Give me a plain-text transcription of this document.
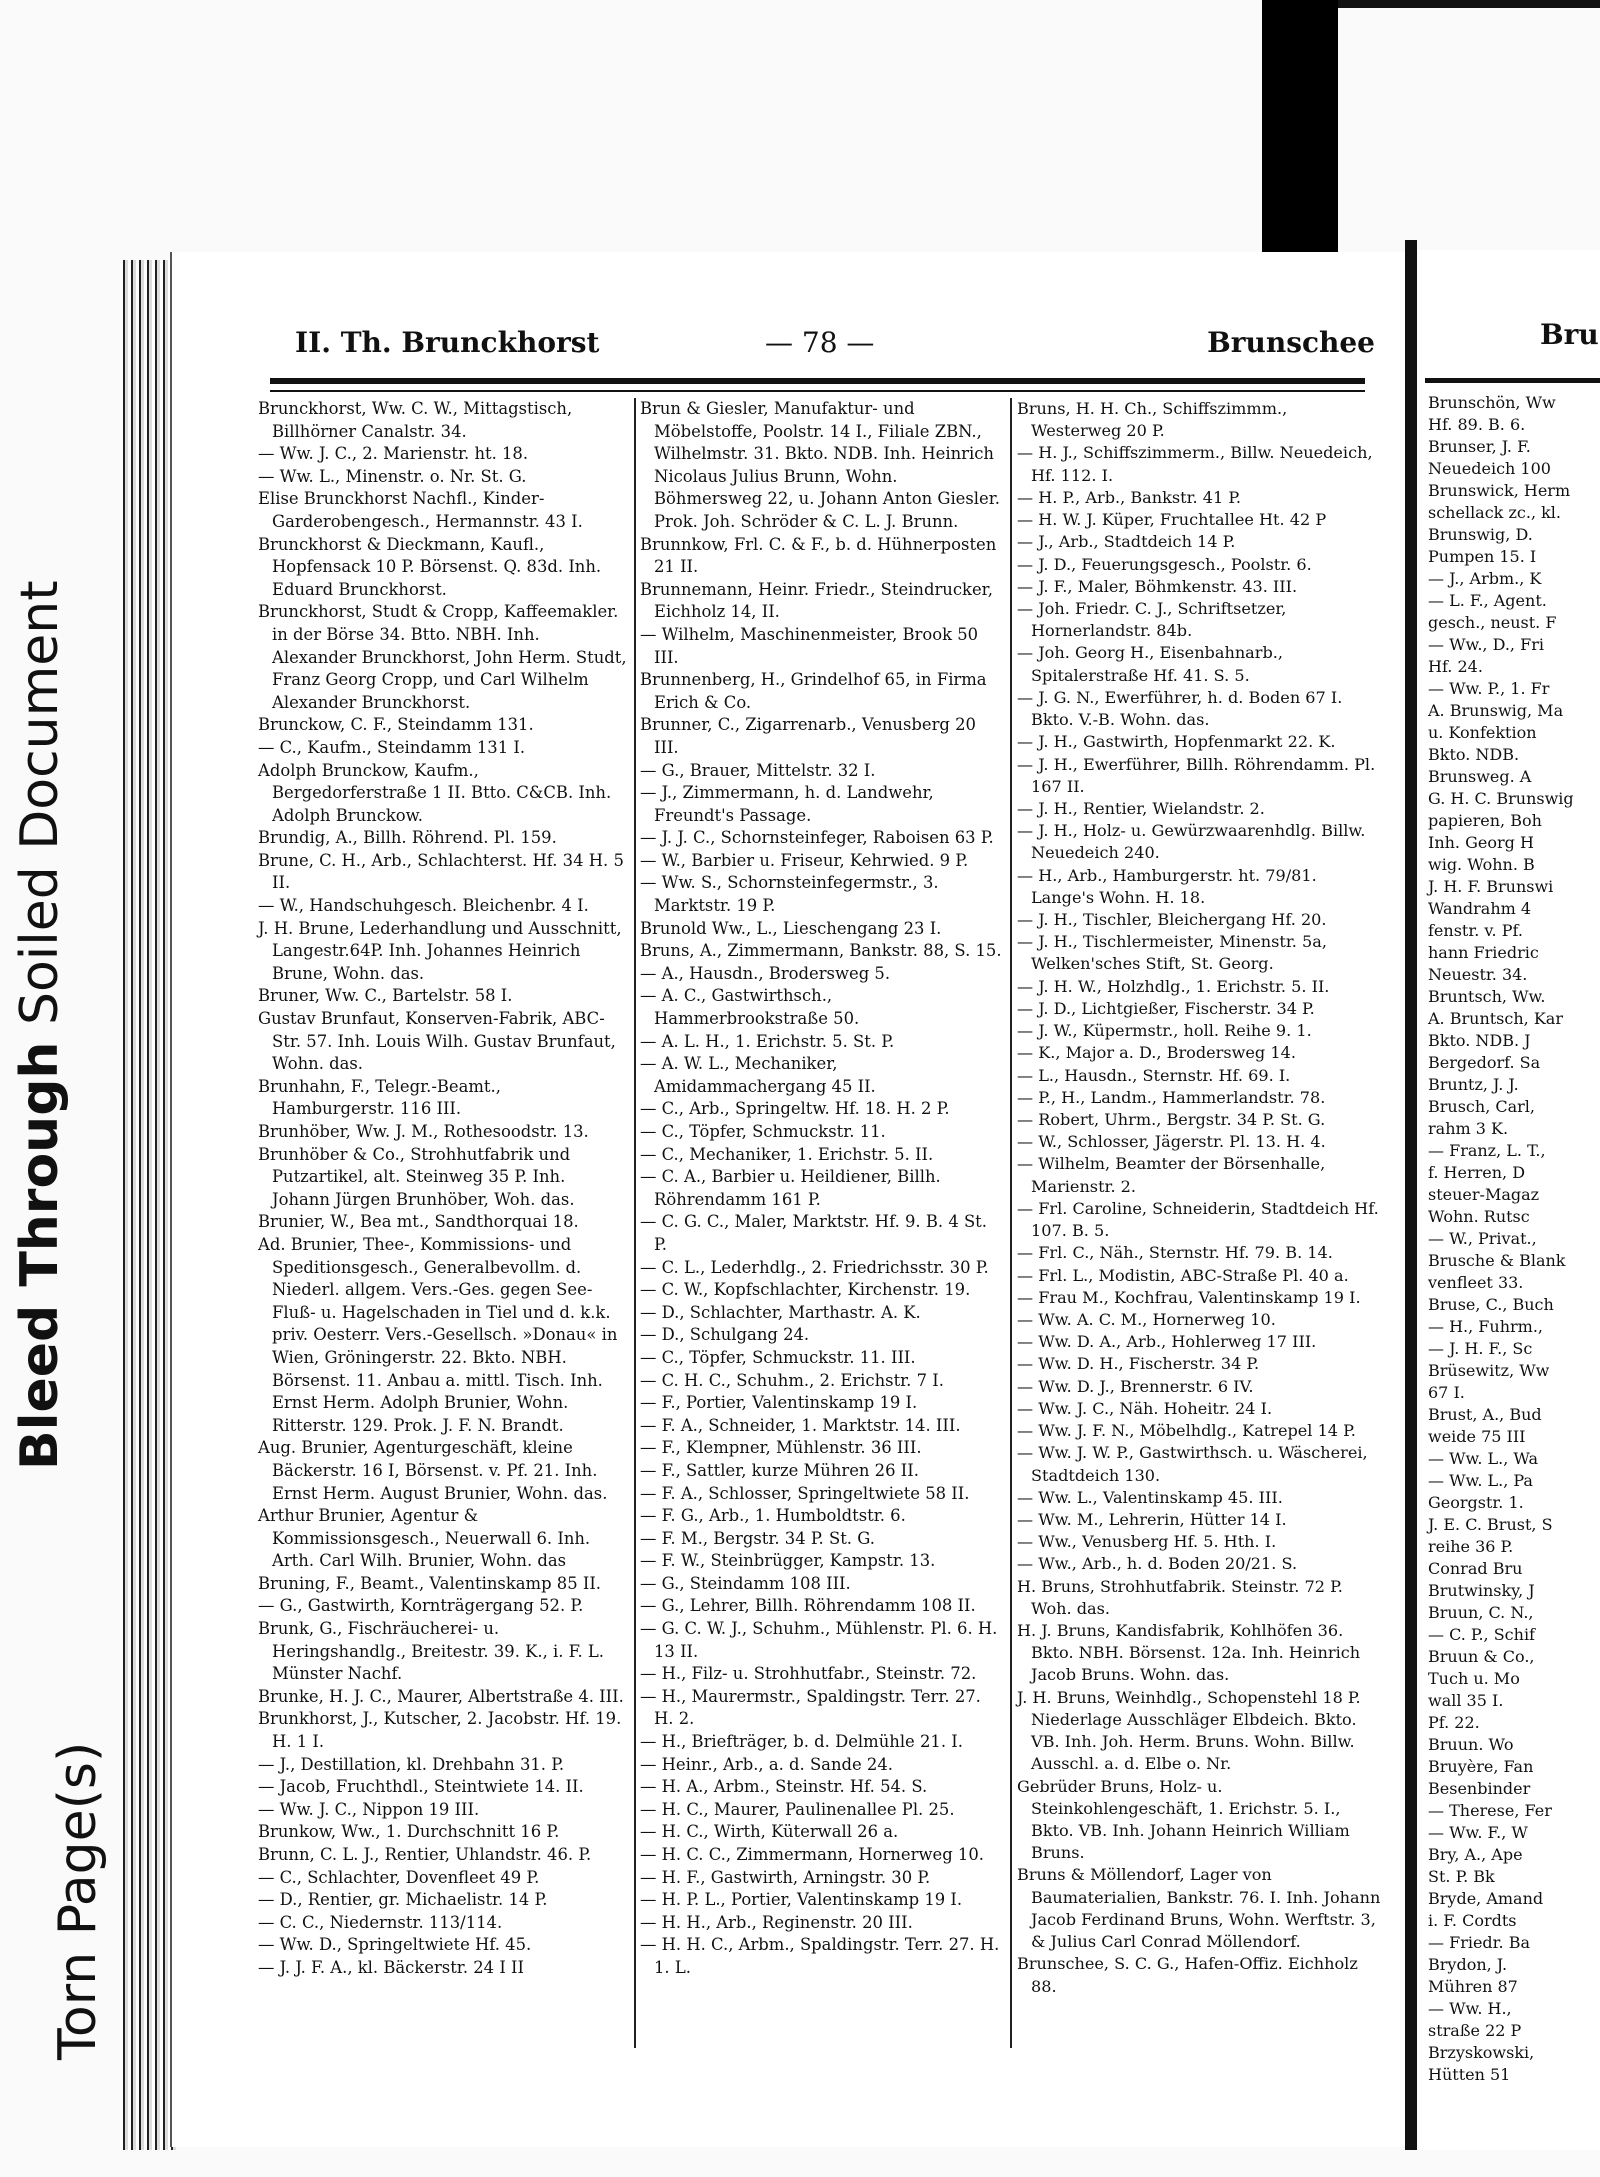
Bleed Through Soiled Document
Torn Page(s)
II. Th. Brunckhorst	— 78 —	Brunschee	Bru

Brunckhorst, Ww. C. W., Mittagstisch, Billhörner Canalstr. 34.

— Ww. J. C., 2. Marienstr. ht. 18.

— Ww. L., Minenstr. o. Nr. St. G.

Elise Brunckhorst Nachfl., Kinder-Garderobengesch., Hermannstr. 43 I.

Brunckhorst & Dieckmann, Kaufl., Hopfensack 10 P. Börsenst. Q. 83d. Inh. Eduard Brunckhorst.

Brunckhorst, Studt & Cropp, Kaffeemakler. in der Börse 34. Btto. NBH. Inh. Alexander Brunckhorst, John Herm. Studt, Franz Georg Cropp, und Carl Wilhelm Alexander Brunckhorst.

Brunckow, C. F., Steindamm 131.

— C., Kaufm., Steindamm 131 I.

Adolph Brunckow, Kaufm., Bergedorferstraße 1 II. Btto. C&CB. Inh. Adolph Brunckow.

Brundig, A., Billh. Röhrend. Pl. 159.

Brune, C. H., Arb., Schlachterst. Hf. 34 H. 5 II.

— W., Handschuhgesch. Bleichenbr. 4 I.

J. H. Brune, Lederhandlung und Ausschnitt, Langestr.64P. Inh. Johannes Heinrich Brune, Wohn. das.

Bruner, Ww. C., Bartelstr. 58 I.

Gustav Brunfaut, Konserven-Fabrik, ABC-Str. 57. Inh. Louis Wilh. Gustav Brunfaut, Wohn. das.

Brunhahn, F., Telegr.-Beamt., Hamburgerstr. 116 III.

Brunhöber, Ww. J. M., Rothesoodstr. 13.

Brunhöber & Co., Strohhutfabrik und Putzartikel, alt. Steinweg 35 P. Inh. Johann Jürgen Brunhöber, Woh. das.

Brunier, W., Bea mt., Sandthorquai 18.

Ad. Brunier, Thee-, Kommissions- und Speditionsgesch., Generalbevollm. d. Niederl. allgem. Vers.-Ges. gegen See-Fluß- u. Hagelschaden in Tiel und d. k.k. priv. Oesterr. Vers.-Gesellsch. »Donau« in Wien, Gröningerstr. 22. Bkto. NBH. Börsenst. 11. Anbau a. mittl. Tisch. Inh. Ernst Herm. Adolph Brunier, Wohn. Ritterstr. 129. Prok. J. F. N. Brandt.

Aug. Brunier, Agenturgeschäft, kleine Bäckerstr. 16 I, Börsenst. v. Pf. 21. Inh. Ernst Herm. August Brunier, Wohn. das.

Arthur Brunier, Agentur & Kommissionsgesch., Neuerwall 6. Inh. Arth. Carl Wilh. Brunier, Wohn. das

Bruning, F., Beamt., Valentinskamp 85 II.

— G., Gastwirth, Kornträgergang 52. P.

Brunk, G., Fischräucherei- u. Heringshandlg., Breitestr. 39. K., i. F. L. Münster Nachf.

Brunke, H. J. C., Maurer, Albertstraße 4. III.

Brunkhorst, J., Kutscher, 2. Jacobstr. Hf. 19. H. 1 I.

— J., Destillation, kl. Drehbahn 31. P.

— Jacob, Fruchthdl., Steintwiete 14. II.

— Ww. J. C., Nippon 19 III.

Brunkow, Ww., 1. Durchschnitt 16 P.

Brunn, C. L. J., Rentier, Uhlandstr. 46. P.

— C., Schlachter, Dovenfleet 49 P.

— D., Rentier, gr. Michaelistr. 14 P.

— C. C., Niedernstr. 113/114.

— Ww. D., Springeltwiete Hf. 45.

— J. J. F. A., kl. Bäckerstr. 24 I II

Brun & Giesler, Manufaktur- und Möbelstoffe, Poolstr. 14 I., Filiale ZBN., Wilhelmstr. 31. Bkto. NDB. Inh. Heinrich Nicolaus Julius Brunn, Wohn. Böhmersweg 22, u. Johann Anton Giesler. Prok. Joh. Schröder & C. L. J. Brunn.

Brunnkow, Frl. C. & F., b. d. Hühnerposten 21 II.

Brunnemann, Heinr. Friedr., Steindrucker, Eichholz 14, II.

— Wilhelm, Maschinenmeister, Brook 50 III.

Brunnenberg, H., Grindelhof 65, in Firma Erich & Co.

Brunner, C., Zigarrenarb., Venusberg 20 III.

— G., Brauer, Mittelstr. 32 I.

— J., Zimmermann, h. d. Landwehr, Freundt's Passage.

— J. J. C., Schornsteinfeger, Raboisen 63 P.

— W., Barbier u. Friseur, Kehrwied. 9 P.

— Ww. S., Schornsteinfegermstr., 3. Marktstr. 19 P.

Brunold Ww., L., Lieschengang 23 I.

Bruns, A., Zimmermann, Bankstr. 88, S. 15.

— A., Hausdn., Brodersweg 5.

— A. C., Gastwirthsch., Hammerbrookstraße 50.

— A. L. H., 1. Erichstr. 5. St. P.

— A. W. L., Mechaniker, Amidammachergang 45 II.

— C., Arb., Springeltw. Hf. 18. H. 2 P.

— C., Töpfer, Schmuckstr. 11.

— C., Mechaniker, 1. Erichstr. 5. II.

— C. A., Barbier u. Heildiener, Billh. Röhrendamm 161 P.

— C. G. C., Maler, Marktstr. Hf. 9. B. 4 St. P.

— C. L., Lederhdlg., 2. Friedrichsstr. 30 P.

— C. W., Kopfschlachter, Kirchenstr. 19.

— D., Schlachter, Marthastr. A. K.

— D., Schulgang 24.

— C., Töpfer, Schmuckstr. 11. III.

— C. H. C., Schuhm., 2. Erichstr. 7 I.

— F., Portier, Valentinskamp 19 I.

— F. A., Schneider, 1. Marktstr. 14. III.

— F., Klempner, Mühlenstr. 36 III.

— F., Sattler, kurze Mühren 26 II.

— F. A., Schlosser, Springeltwiete 58 II.

— F. G., Arb., 1. Humboldtstr. 6.

— F. M., Bergstr. 34 P. St. G.

— F. W., Steinbrügger, Kampstr. 13.

— G., Steindamm 108 III.

— G., Lehrer, Billh. Röhrendamm 108 II.

— G. C. W. J., Schuhm., Mühlenstr. Pl. 6. H. 13 II.

— H., Filz- u. Strohhutfabr., Steinstr. 72.

— H., Maurermstr., Spaldingstr. Terr. 27. H. 2.

— H., Briefträger, b. d. Delmühle 21. I.

— Heinr., Arb., a. d. Sande 24.

— H. A., Arbm., Steinstr. Hf. 54. S.

— H. C., Maurer, Paulinenallee Pl. 25.

— H. C., Wirth, Küterwall 26 a.

— H. C. C., Zimmermann, Hornerweg 10.

— H. F., Gastwirth, Arningstr. 30 P.

— H. P. L., Portier, Valentinskamp 19 I.

— H. H., Arb., Reginenstr. 20 III.

— H. H. C., Arbm., Spaldingstr. Terr. 27. H. 1. L.

Bruns, H. H. Ch., Schiffszimmm., Westerweg 20 P.

— H. J., Schiffszimmerm., Billw. Neuedeich, Hf. 112. I.

— H. P., Arb., Bankstr. 41 P.

— H. W. J. Küper, Fruchtallee Ht. 42 P

— J., Arb., Stadtdeich 14 P.

— J. D., Feuerungsgesch., Poolstr. 6.

— J. F., Maler, Böhmkenstr. 43. III.

— Joh. Friedr. C. J., Schriftsetzer, Hornerlandstr. 84b.

— Joh. Georg H., Eisenbahnarb., Spitalerstraße Hf. 41. S. 5.

— J. G. N., Ewerführer, h. d. Boden 67 I. Bkto. V.-B. Wohn. das.

— J. H., Gastwirth, Hopfenmarkt 22. K.

— J. H., Ewerführer, Billh. Röhrendamm. Pl. 167 II.

— J. H., Rentier, Wielandstr. 2.

— J. H., Holz- u. Gewürzwaarenhdlg. Billw. Neuedeich 240.

— H., Arb., Hamburgerstr. ht. 79/81. Lange's Wohn. H. 18.

— J. H., Tischler, Bleichergang Hf. 20.

— J. H., Tischlermeister, Minenstr. 5a, Welken'sches Stift, St. Georg.

— J. H. W., Holzhdlg., 1. Erichstr. 5. II.

— J. D., Lichtgießer, Fischerstr. 34 P.

— J. W., Küpermstr., holl. Reihe 9. 1.

— K., Major a. D., Brodersweg 14.

— L., Hausdn., Sternstr. Hf. 69. I.

— P., H., Landm., Hammerlandstr. 78.

— Robert, Uhrm., Bergstr. 34 P. St. G.

— W., Schlosser, Jägerstr. Pl. 13. H. 4.

— Wilhelm, Beamter der Börsenhalle, Marienstr. 2.

— Frl. Caroline, Schneiderin, Stadtdeich Hf. 107. B. 5.

— Frl. C., Näh., Sternstr. Hf. 79. B. 14.

— Frl. L., Modistin, ABC-Straße Pl. 40 a.

— Frau M., Kochfrau, Valentinskamp 19 I.

— Ww. A. C. M., Hornerweg 10.

— Ww. D. A., Arb., Hohlerweg 17 III.

— Ww. D. H., Fischerstr. 34 P.

— Ww. D. J., Brennerstr. 6 IV.

— Ww. J. C., Näh. Hoheitr. 24 I.

— Ww. J. F. N., Möbelhdlg., Katrepel 14 P.

— Ww. J. W. P., Gastwirthsch. u. Wäscherei, Stadtdeich 130.

— Ww. L., Valentinskamp 45. III.

— Ww. M., Lehrerin, Hütter 14 I.

— Ww., Venusberg Hf. 5. Hth. I.

— Ww., Arb., h. d. Boden 20/21. S.

H. Bruns, Strohhutfabrik. Steinstr. 72 P. Woh. das.

H. J. Bruns, Kandisfabrik, Kohlhöfen 36. Bkto. NBH. Börsenst. 12a. Inh. Heinrich Jacob Bruns. Wohn. das.

J. H. Bruns, Weinhdlg., Schopenstehl 18 P. Niederlage Ausschläger Elbdeich. Bkto. VB. Inh. Joh. Herm. Bruns. Wohn. Billw. Ausschl. a. d. Elbe o. Nr.

Gebrüder Bruns, Holz- u. Steinkohlengeschäft, 1. Erichstr. 5. I., Bkto. VB. Inh. Johann Heinrich William Bruns.

Bruns & Möllendorf, Lager von Baumaterialien, Bankstr. 76. I. Inh. Johann Jacob Ferdinand Bruns, Wohn. Werftstr. 3, & Julius Carl Conrad Möllendorf.

Brunschee, S. C. G., Hafen-Offiz. Eichholz 88.

Brunschön, Ww
Hf. 89. B. 6.
Brunser, J. F.
Neuedeich 100
Brunswick, Herm
schellack zc., kl.
Brunswig, D.
Pumpen 15. I
— J., Arbm., K
— L. F., Agent.
gesch., neust. F
— Ww., D., Fri
Hf. 24.
— Ww. P., 1. Fr
A. Brunswig, Ma
u. Konfektion
Bkto. NDB.
Brunsweg. A
G. H. C. Brunswig
papieren, Boh
Inh. Georg H
wig. Wohn. B
J. H. F. Brunswi
Wandrahm 4
fenstr. v. Pf.
hann Friedric
Neuestr. 34.
Bruntsch, Ww.
A. Bruntsch, Kar
Bkto. NDB. J
Bergedorf. Sa
Bruntz, J. J.
Brusch, Carl,
rahm 3 K.
— Franz, L. T.,
f. Herren, D
steuer-Magaz
Wohn. Rutsc
— W., Privat.,
Brusche & Blank
venfleet 33.
Bruse, C., Buch
— H., Fuhrm.,
— J. H. F., Sc
Brüsewitz, Ww
67 I.
Brust, A., Bud
weide 75 III
— Ww. L., Wa
— Ww. L., Pa
Georgstr. 1.
J. E. C. Brust, S
reihe 36 P.
Conrad Bru
Brutwinsky, J
Bruun, C. N.,
— C. P., Schif
Bruun & Co.,
Tuch u. Mo
wall 35 I.
Pf. 22.
Bruun. Wo
Bruyère, Fan
Besenbinder
— Therese, Fer
— Ww. F., W
Bry, A., Ape
St. P. Bk
Bryde, Amand
i. F. Cordts
— Friedr. Ba
Brydon, J.
Mühren 87
— Ww. H.,
straße 22 P
Brzyskowski,
Hütten 51
